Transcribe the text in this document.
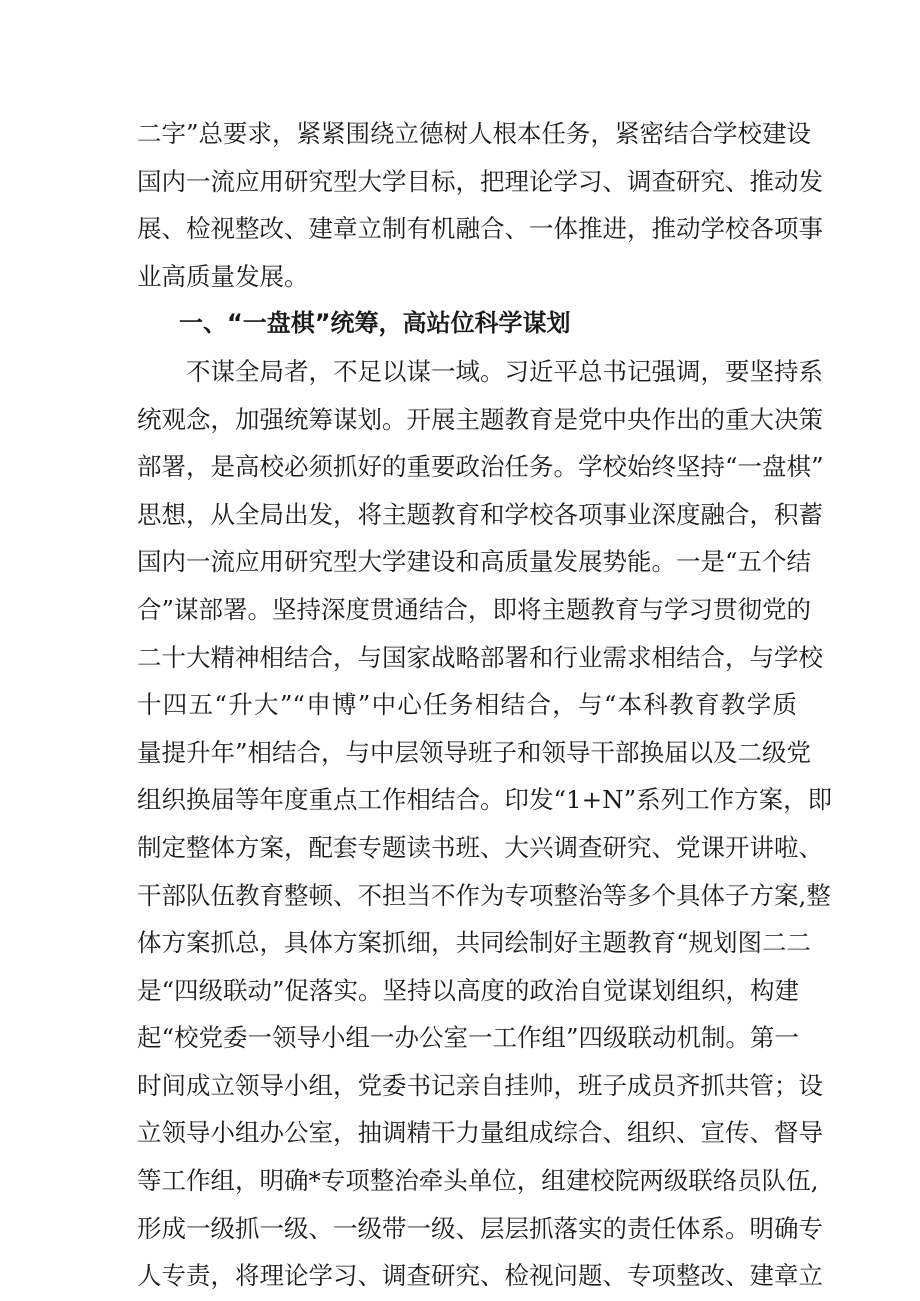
二字”总要求，紧紧围绕立德树人根本任务，紧密结合学校建设
国内一流应用研究型大学目标，把理论学习、调查研究、推动发
展、检视整改、建章立制有机融合、一体推进，推动学校各项事
业高质量发展。
一、“一盘棋”统筹，高站位科学谋划
不谋全局者，不足以谋一域。习近平总书记强调，要坚持系
统观念，加强统筹谋划。开展主题教育是党中央作出的重大决策
部署，是高校必须抓好的重要政治任务。学校始终坚持“一盘棋”
思想，从全局出发，将主题教育和学校各项事业深度融合，积蓄
国内一流应用研究型大学建设和高质量发展势能。一是“五个结
合”谋部署。坚持深度贯通结合，即将主题教育与学习贯彻党的
二十大精神相结合，与国家战略部署和行业需求相结合，与学校
十四五“升大”“申博”中心任务相结合，与“本科教育教学质
量提升年”相结合，与中层领导班子和领导干部换届以及二级党
组织换届等年度重点工作相结合。印发“1+N”系列工作方案，即
制定整体方案，配套专题读书班、大兴调查研究、党课开讲啦、
干部队伍教育整顿、不担当不作为专项整治等多个具体子方案,整
体方案抓总，具体方案抓细，共同绘制好主题教育“规划图二二
是“四级联动”促落实。坚持以高度的政治自觉谋划组织，构建
起“校党委一领导小组一办公室一工作组”四级联动机制。第一
时间成立领导小组，党委书记亲自挂帅，班子成员齐抓共管；设
立领导小组办公室，抽调精干力量组成综合、组织、宣传、督导
等工作组，明确*专项整治牵头单位，组建校院两级联络员队伍,
形成一级抓一级、一级带一级、层层抓落实的责任体系。明确专
人专责，将理论学习、调查研究、检视问题、专项整改、建章立
